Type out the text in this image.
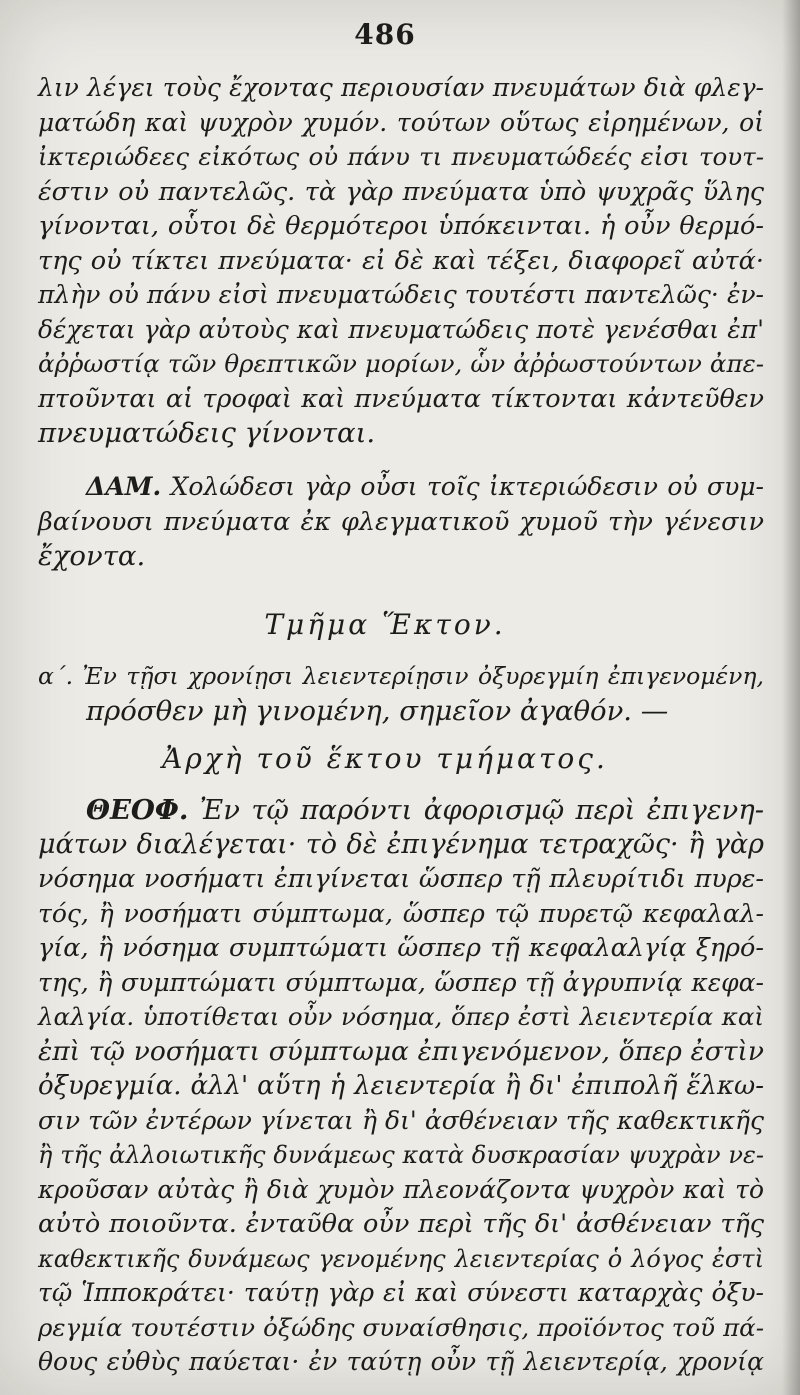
486
λιν λέγει τοὺς ἔχοντας περιουσίαν πνευμάτων διὰ φλεγ-
ματώδη καὶ ψυχρὸν χυμόν. τούτων οὕτως εἰρημένων, οἱ
ἰκτεριώδεες εἰκότως οὐ πάνυ τι πνευματώδεές εἰσι τουτ-
έστιν οὐ παντελῶς. τὰ γὰρ πνεύματα ὑπὸ ψυχρᾶς ὕλης
γίνονται, οὗτοι δὲ θερμότεροι ὑπόκεινται. ἡ οὖν θερμό-
της οὐ τίκτει πνεύματα· εἰ δὲ καὶ τέξει, διαφορεῖ αὐτά·
πλὴν οὐ πάνυ εἰσὶ πνευματώδεις τουτέστι παντελῶς· ἐν-
δέχεται γὰρ αὐτοὺς καὶ πνευματώδεις ποτὲ γενέσθαι ἐπ'
ἀῤῥωστίᾳ τῶν θρεπτικῶν μορίων, ὧν ἀῤῥωστούντων ἀπε-
πτοῦνται αἱ τροφαὶ καὶ πνεύματα τίκτονται κἀντεῦθεν
πνευματώδεις γίνονται.
ΔΑΜ. Χολώδεσι γὰρ οὖσι τοῖς ἰκτεριώδεσιν οὐ συμ-
βαίνουσι πνεύματα ἐκ φλεγματικοῦ χυμοῦ τὴν γένεσιν
ἔχοντα.
Τμῆμα Ἕκτον.
α΄. Ἐν τῇσι χρονίῃσι λειεντερίῃσιν ὀξυρεγμίη ἐπιγενομένη,
πρόσθεν μὴ γινομένη, σημεῖον ἀγαθόν. —
Ἀρχὴ τοῦ ἕκτου τμήματος.
ΘΕΟΦ. Ἐν τῷ παρόντι ἀφορισμῷ περὶ ἐπιγενη-
μάτων διαλέγεται· τὸ δὲ ἐπιγένημα τετραχῶς· ἢ γὰρ
νόσημα νοσήματι ἐπιγίνεται ὥσπερ τῇ πλευρίτιδι πυρε-
τός, ἢ νοσήματι σύμπτωμα, ὥσπερ τῷ πυρετῷ κεφαλαλ-
γία, ἢ νόσημα συμπτώματι ὥσπερ τῇ κεφαλαλγίᾳ ξηρό-
της, ἢ συμπτώματι σύμπτωμα, ὥσπερ τῇ ἀγρυπνίᾳ κεφα-
λαλγία. ὑποτίθεται οὖν νόσημα, ὅπερ ἐστὶ λειεντερία καὶ
ἐπὶ τῷ νοσήματι σύμπτωμα ἐπιγενόμενον, ὅπερ ἐστὶν
ὀξυρεγμία. ἀλλ' αὕτη ἡ λειεντερία ἢ δι' ἐπιπολῆ ἕλκω-
σιν τῶν ἐντέρων γίνεται ἢ δι' ἀσθένειαν τῆς καθεκτικῆς
ἢ τῆς ἀλλοιωτικῆς δυνάμεως κατὰ δυσκρασίαν ψυχρὰν νε-
κροῦσαν αὐτὰς ἢ διὰ χυμὸν πλεονάζοντα ψυχρὸν καὶ τὸ
αὐτὸ ποιοῦντα. ἐνταῦθα οὖν περὶ τῆς δι' ἀσθένειαν τῆς
καθεκτικῆς δυνάμεως γενομένης λειεντερίας ὁ λόγος ἐστὶ
τῷ Ἱπποκράτει· ταύτῃ γὰρ εἰ καὶ σύνεστι καταρχὰς ὀξυ-
ρεγμία τουτέστιν ὀξώδης συναίσθησις, προϊόντος τοῦ πά-
θους εὐθὺς παύεται· ἐν ταύτῃ οὖν τῇ λειεντερίᾳ, χρονίᾳ
